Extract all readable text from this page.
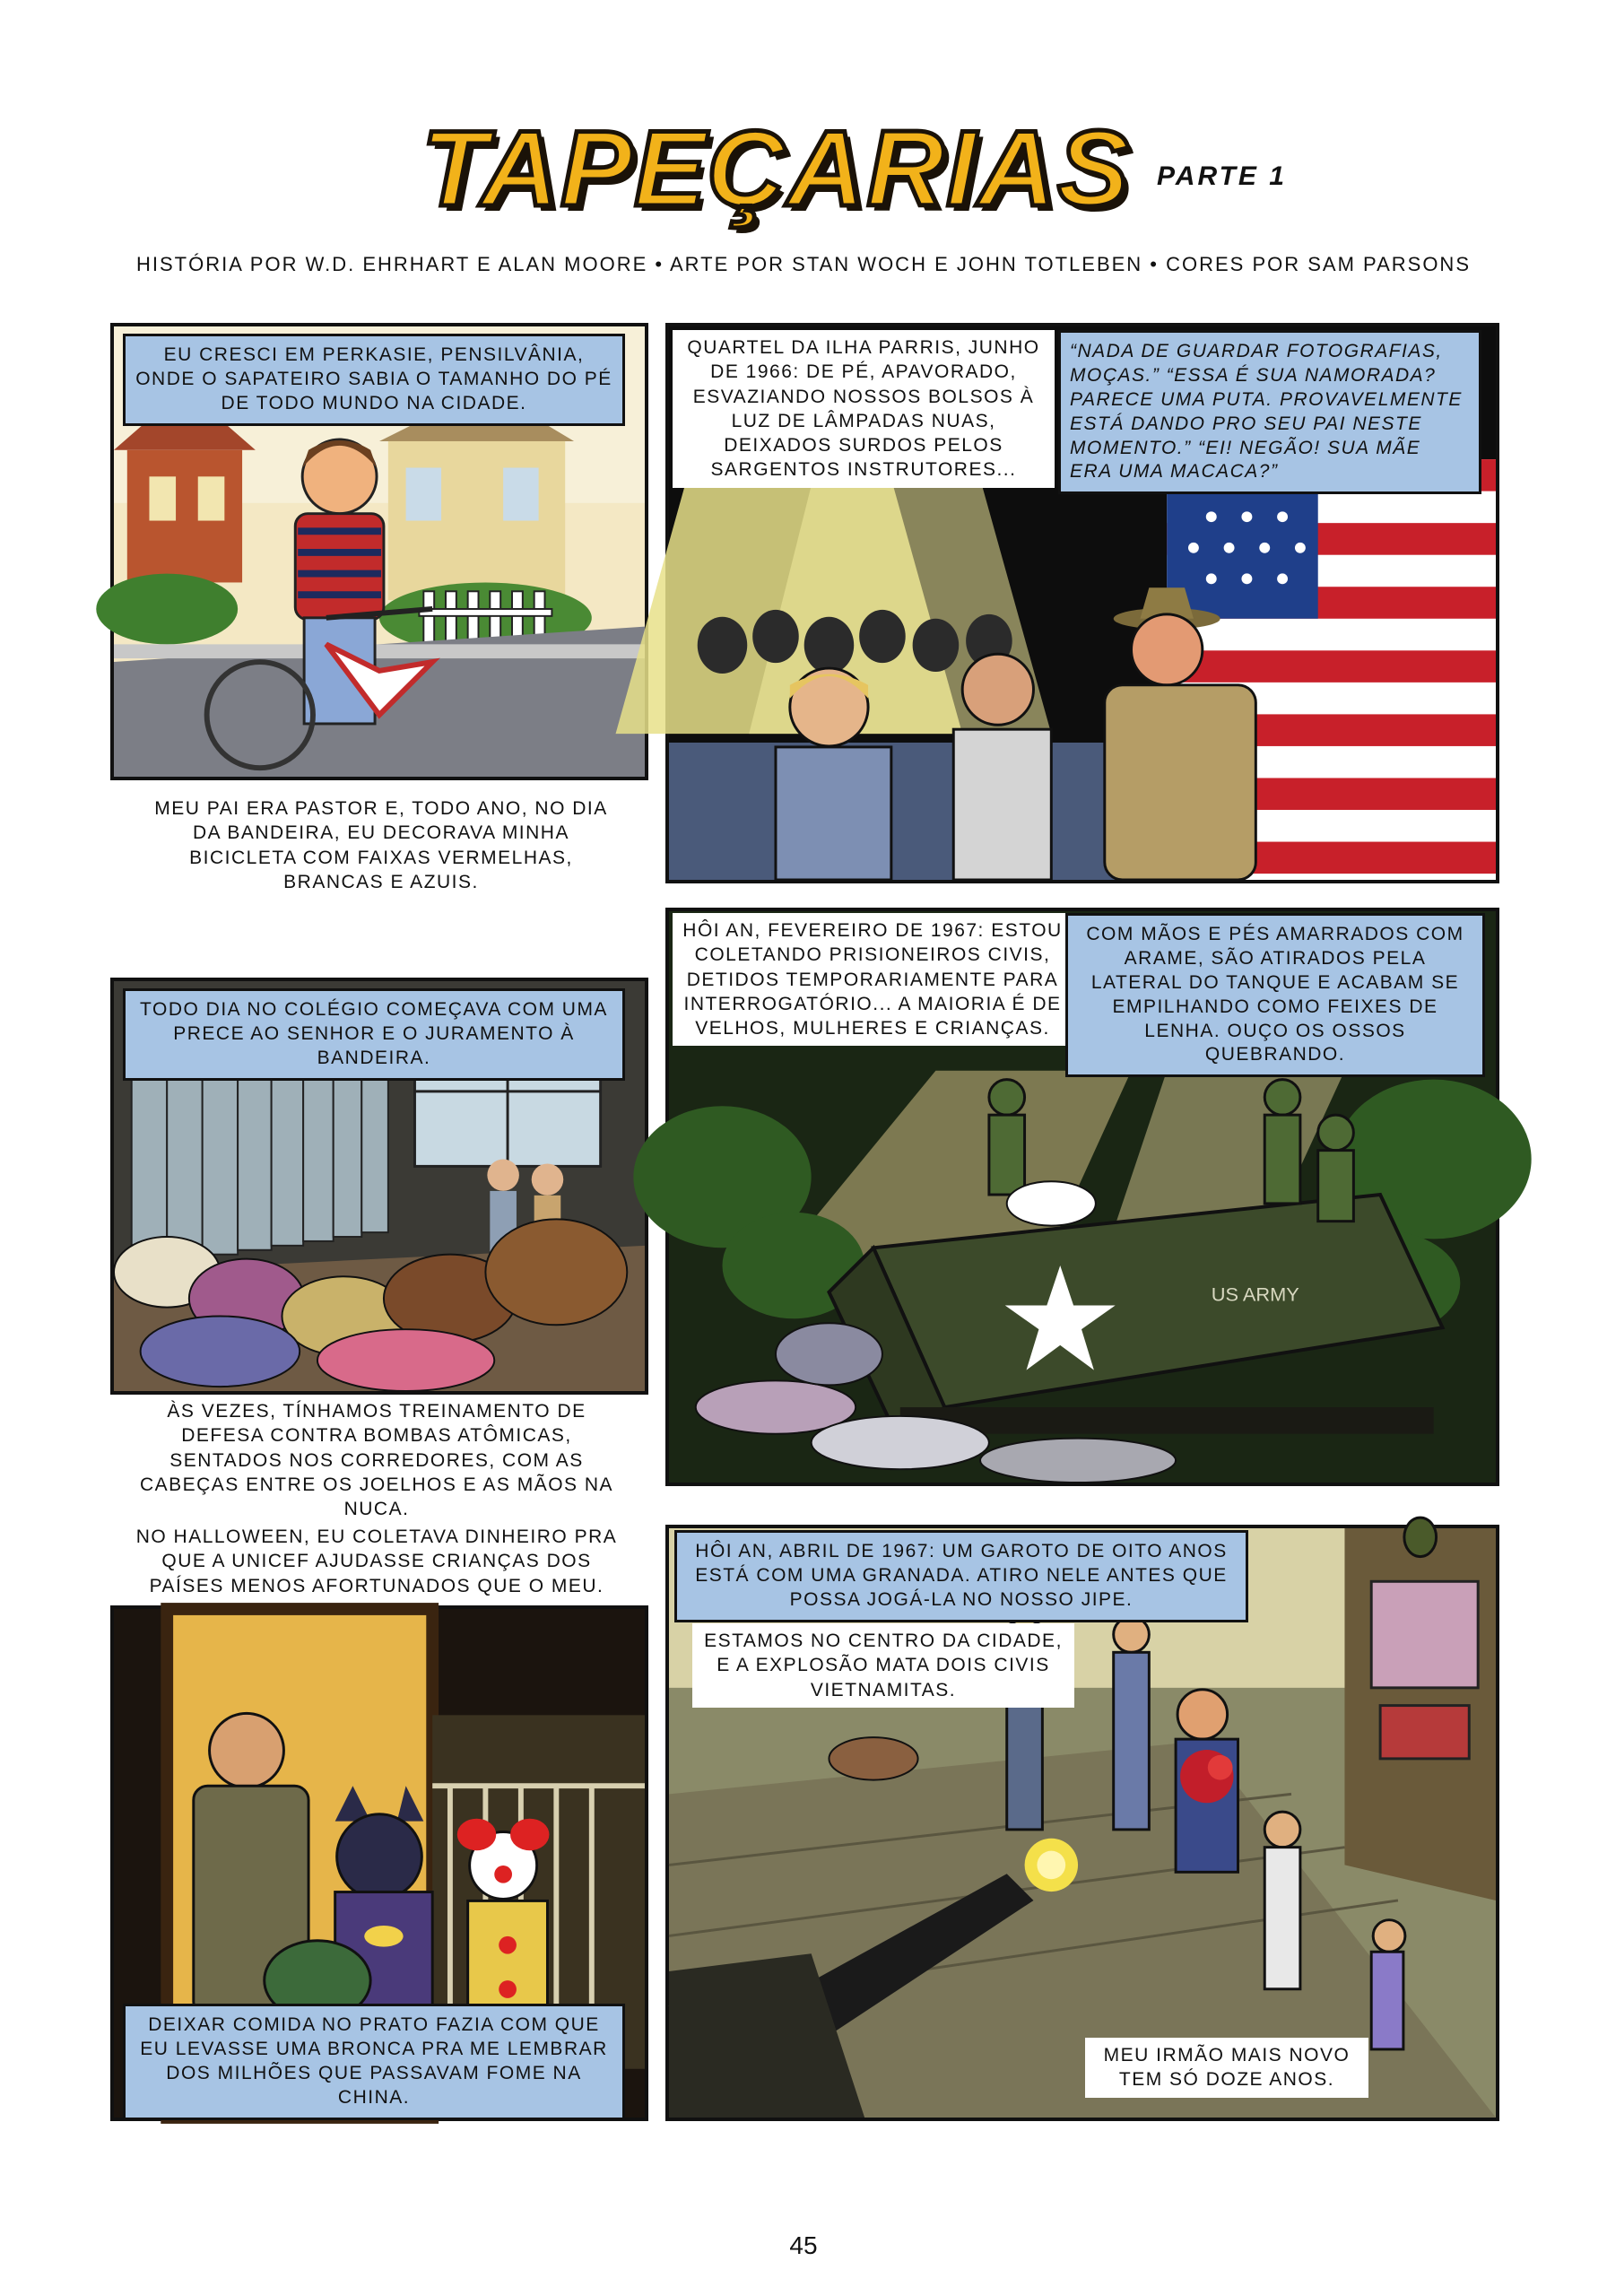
TAPEÇARIAS PARTE 1
HISTÓRIA POR W.D. EHRHART E ALAN MOORE • ARTE POR STAN WOCH E JOHN TOTLEBEN • CORES POR SAM PARSONS
EU CRESCI EM PERKASIE, PENSILVÂNIA, ONDE O SAPATEIRO SABIA O TAMANHO DO PÉ DE TODO MUNDO NA CIDADE.
MEU PAI ERA PASTOR E, TODO ANO, NO DIA DA BANDEIRA, EU DECORAVA MINHA BICICLETA COM FAIXAS VERMELHAS, BRANCAS E AZUIS.
QUARTEL DA ILHA PARRIS, JUNHO DE 1966: DE PÉ, APAVORADO, ESVAZIANDO NOSSOS BOLSOS À LUZ DE LÂMPADAS NUAS, DEIXADOS SURDOS PELOS SARGENTOS INSTRUTORES...
“NADA DE GUARDAR FOTOGRAFIAS, MOÇAS.” “ESSA É SUA NAMORADA? PARECE UMA PUTA. PROVAVELMENTE ESTÁ DANDO PRO SEU PAI NESTE MOMENTO.” “EI! NEGÃO! SUA MÃE ERA UMA MACACA?”
TODO DIA NO COLÉGIO COMEÇAVA COM UMA PRECE AO SENHOR E O JURAMENTO À BANDEIRA.
ÀS VEZES, TÍNHAMOS TREINAMENTO DE DEFESA CONTRA BOMBAS ATÔMICAS, SENTADOS NOS CORREDORES, COM AS CABEÇAS ENTRE OS JOELHOS E AS MÃOS NA NUCA.
US ARMY
HÔI AN, FEVEREIRO DE 1967: ESTOU COLETANDO PRISIONEIROS CIVIS, DETIDOS TEMPORARIAMENTE PARA INTERROGATÓRIO... A MAIORIA É DE VELHOS, MULHERES E CRIANÇAS.
COM MÃOS E PÉS AMARRADOS COM ARAME, SÃO ATIRADOS PELA LATERAL DO TANQUE E ACABAM SE EMPILHANDO COMO FEIXES DE LENHA. OUÇO OS OSSOS QUEBRANDO.
DEIXAR COMIDA NO PRATO FAZIA COM QUE EU LEVASSE UMA BRONCA PRA ME LEMBRAR DOS MILHÕES QUE PASSAVAM FOME NA CHINA.
NO HALLOWEEN, EU COLETAVA DINHEIRO PRA QUE A UNICEF AJUDASSE CRIANÇAS DOS PAÍSES MENOS AFORTUNADOS QUE O MEU.
HÔI AN, ABRIL DE 1967: UM GAROTO DE OITO ANOS ESTÁ COM UMA GRANADA. ATIRO NELE ANTES QUE POSSA JOGÁ-LA NO NOSSO JIPE.
ESTAMOS NO CENTRO DA CIDADE, E A EXPLOSÃO MATA DOIS CIVIS VIETNAMITAS.
MEU IRMÃO MAIS NOVO TEM SÓ DOZE ANOS.
45
